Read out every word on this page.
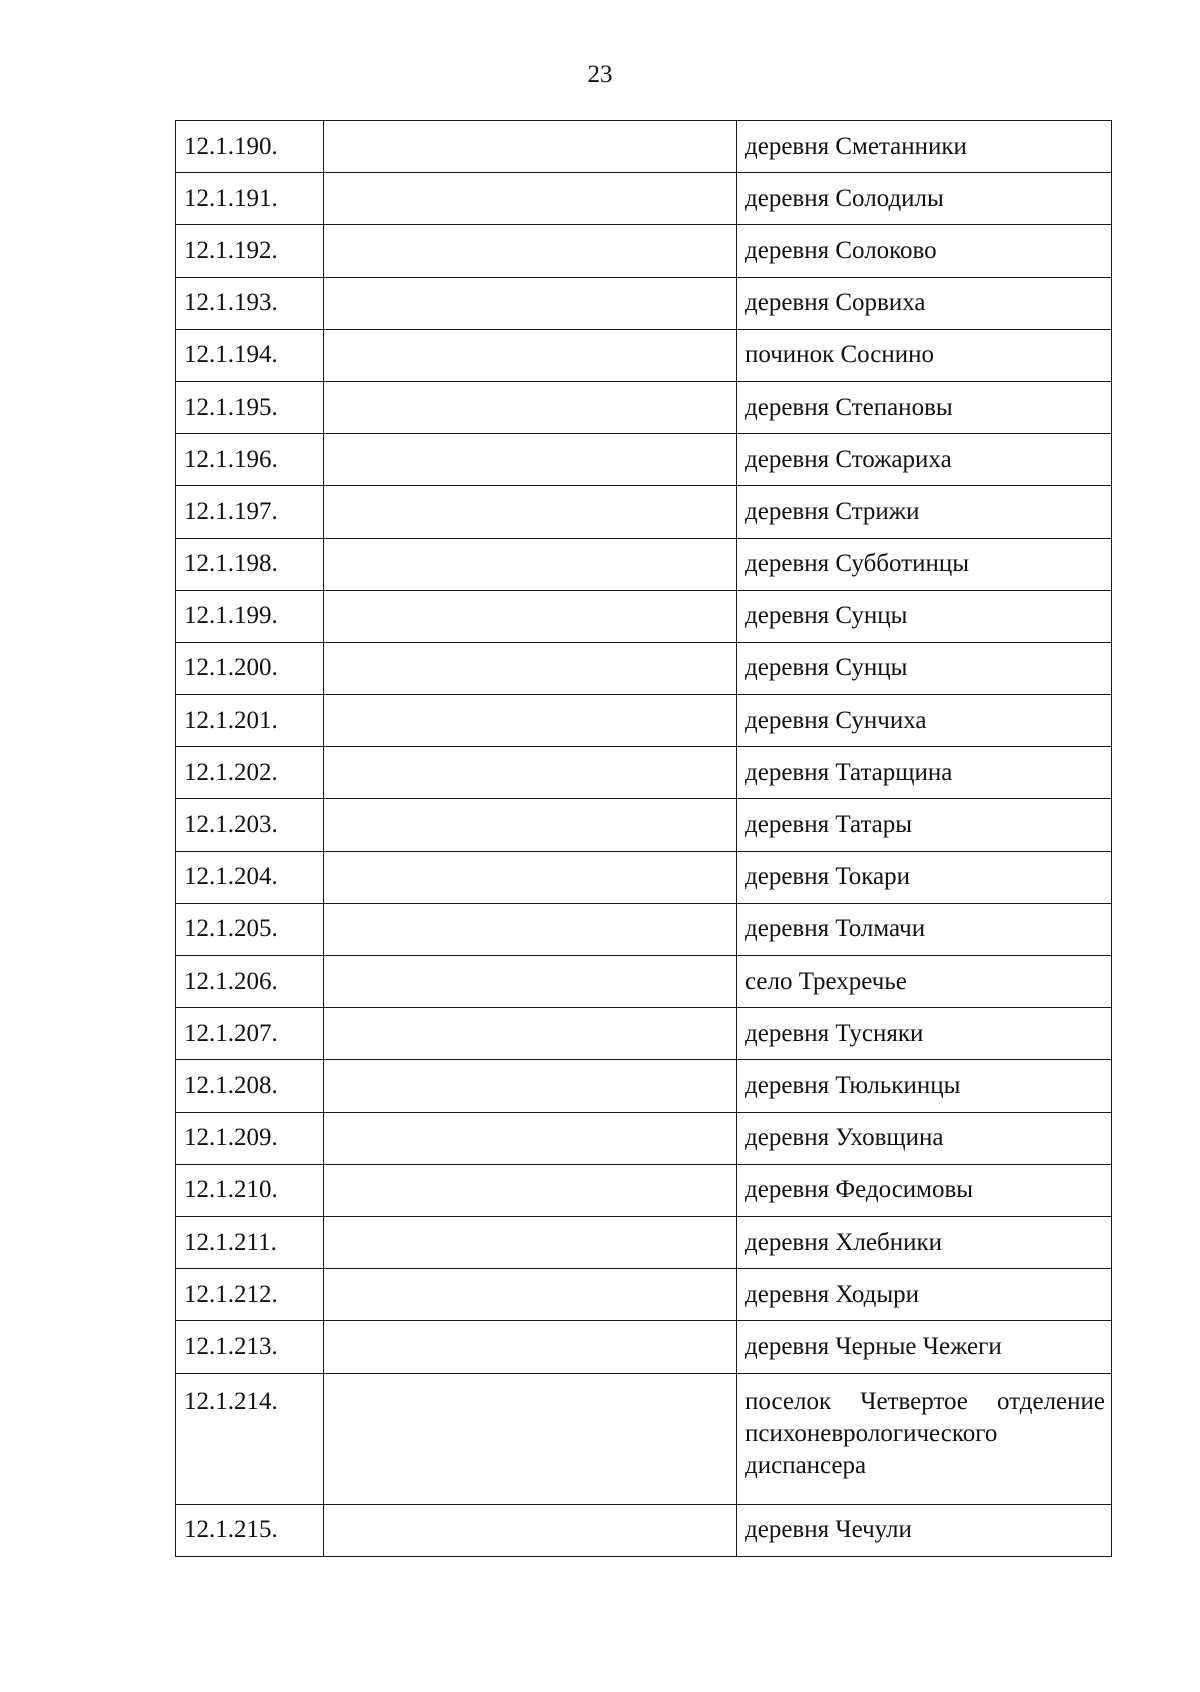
23
12.1.190.		деревня Сметанники
12.1.191.		деревня Солодилы
12.1.192.		деревня Солоково
12.1.193.		деревня Сорвиха
12.1.194.		починок Соснино
12.1.195.		деревня Степановы
12.1.196.		деревня Стожариха
12.1.197.		деревня Стрижи
12.1.198.		деревня Субботинцы
12.1.199.		деревня Сунцы
12.1.200.		деревня Сунцы
12.1.201.		деревня Сунчиха
12.1.202.		деревня Татарщина
12.1.203.		деревня Татары
12.1.204.		деревня Токари
12.1.205.		деревня Толмачи
12.1.206.		село Трехречье
12.1.207.		деревня Тусняки
12.1.208.		деревня Тюлькинцы
12.1.209.		деревня Уховщина
12.1.210.		деревня Федосимовы
12.1.211.		деревня Хлебники
12.1.212.		деревня Ходыри
12.1.213.		деревня Черные Чежеги
12.1.214.		поселок Четвертое отделение психоневрологического диспансера
12.1.215.		деревня Чечули
